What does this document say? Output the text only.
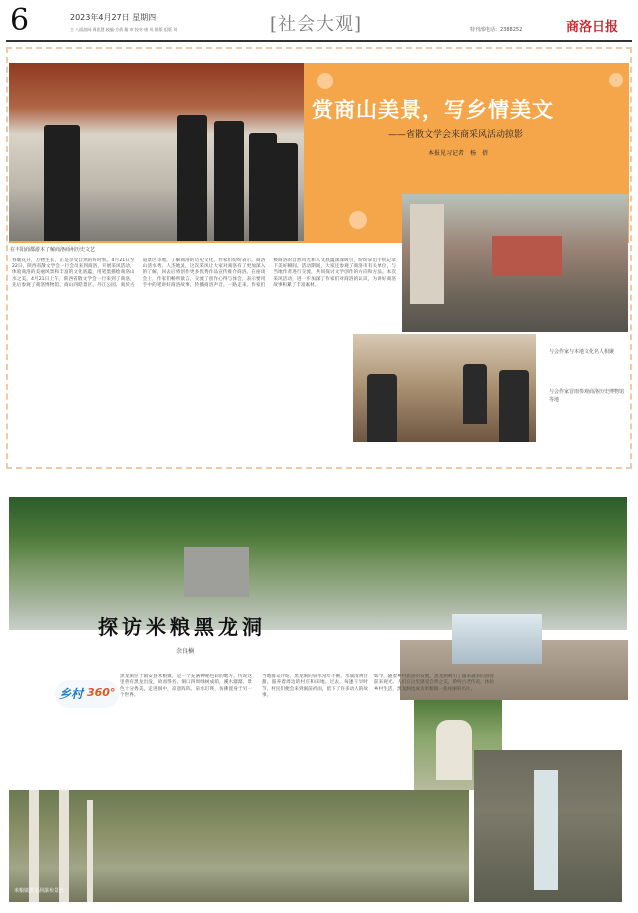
6	2023年4月27日 星期四
主 八面游网·周思慧 校编·方倩 璇 审 校对·康 凤 排版 组版 刘	[社会大观]	特刊部电话：2388252	商洛日报
赏商山美景，写乡情美文
——省散文学会来商采风活动掠影
本报见习记者　杨　蓓
在丰阳商都游本了解商洛商州历史文艺
春暖花开，万物生长，正是享受自然的好时机。4月21日至22日，陕西省散文学会一行会员来到商洛，开展采风活动，体验商洛的美丽风景和丰富的文化底蕴，用笔墨描绘商洛山水之美。4月21日上午，陕西省散文学会一行来到了商洛，先后参观了商洛博物馆、商山四皓景区、丹江公园、商於古道景区等地，了解商洛的历史文化。作家们纷纷表示，商洛山清水秀，人杰地灵，这次采风让大家对商洛有了更加深入的了解，回去后将创作更多优秀作品宣传推介商洛。在座谈会上，作家们畅所欲言，交流了创作心得与体会，表示要用手中的笔讲好商洛故事，传播商洛声音。一路走来，作家们被商洛的自然风光和人文底蕴深深吸引，纷纷拿出手机记录下美好瞬间。活动期间，大家还参观了商洛市有关单位，与当地作者进行交流，共同探讨文学创作的方向和方法。本次采风活动，进一步加深了作家们对商洛的认识，为讲好商洛故事积累了丰富素材。
与会作家与本地文化名人相聚
与会作家冒雨参观商洛历史博物馆等地
探访米粮黑龙洞
余良楠
乡村 360°
黑龙洞位于镇安县米粮镇，是一个充满神秘色彩的地方。传说这里曾有黑龙出没，故而得名。洞口四周绿树成荫，溪水潺潺，景色十分秀美。走进洞中，凉意阵阵，泉水叮咚，仿佛置身于另一个世界。
当地群众介绍，黑龙洞的泉水常年不断，水质清冽甘甜，滋养着周边的村庄和田地。过去，每逢干旱时节，村民们便会来到洞前祈雨，留下了许多动人的故事。
如今，随着乡村旅游的发展，黑龙洞吸引了越来越多的游客前来观光。人们在这里感受自然之美，聆听古老传说，体验乡村生活，黑龙洞也成为米粮镇一张亮丽的名片。
米粮镇黑龙洞瀑布景色
